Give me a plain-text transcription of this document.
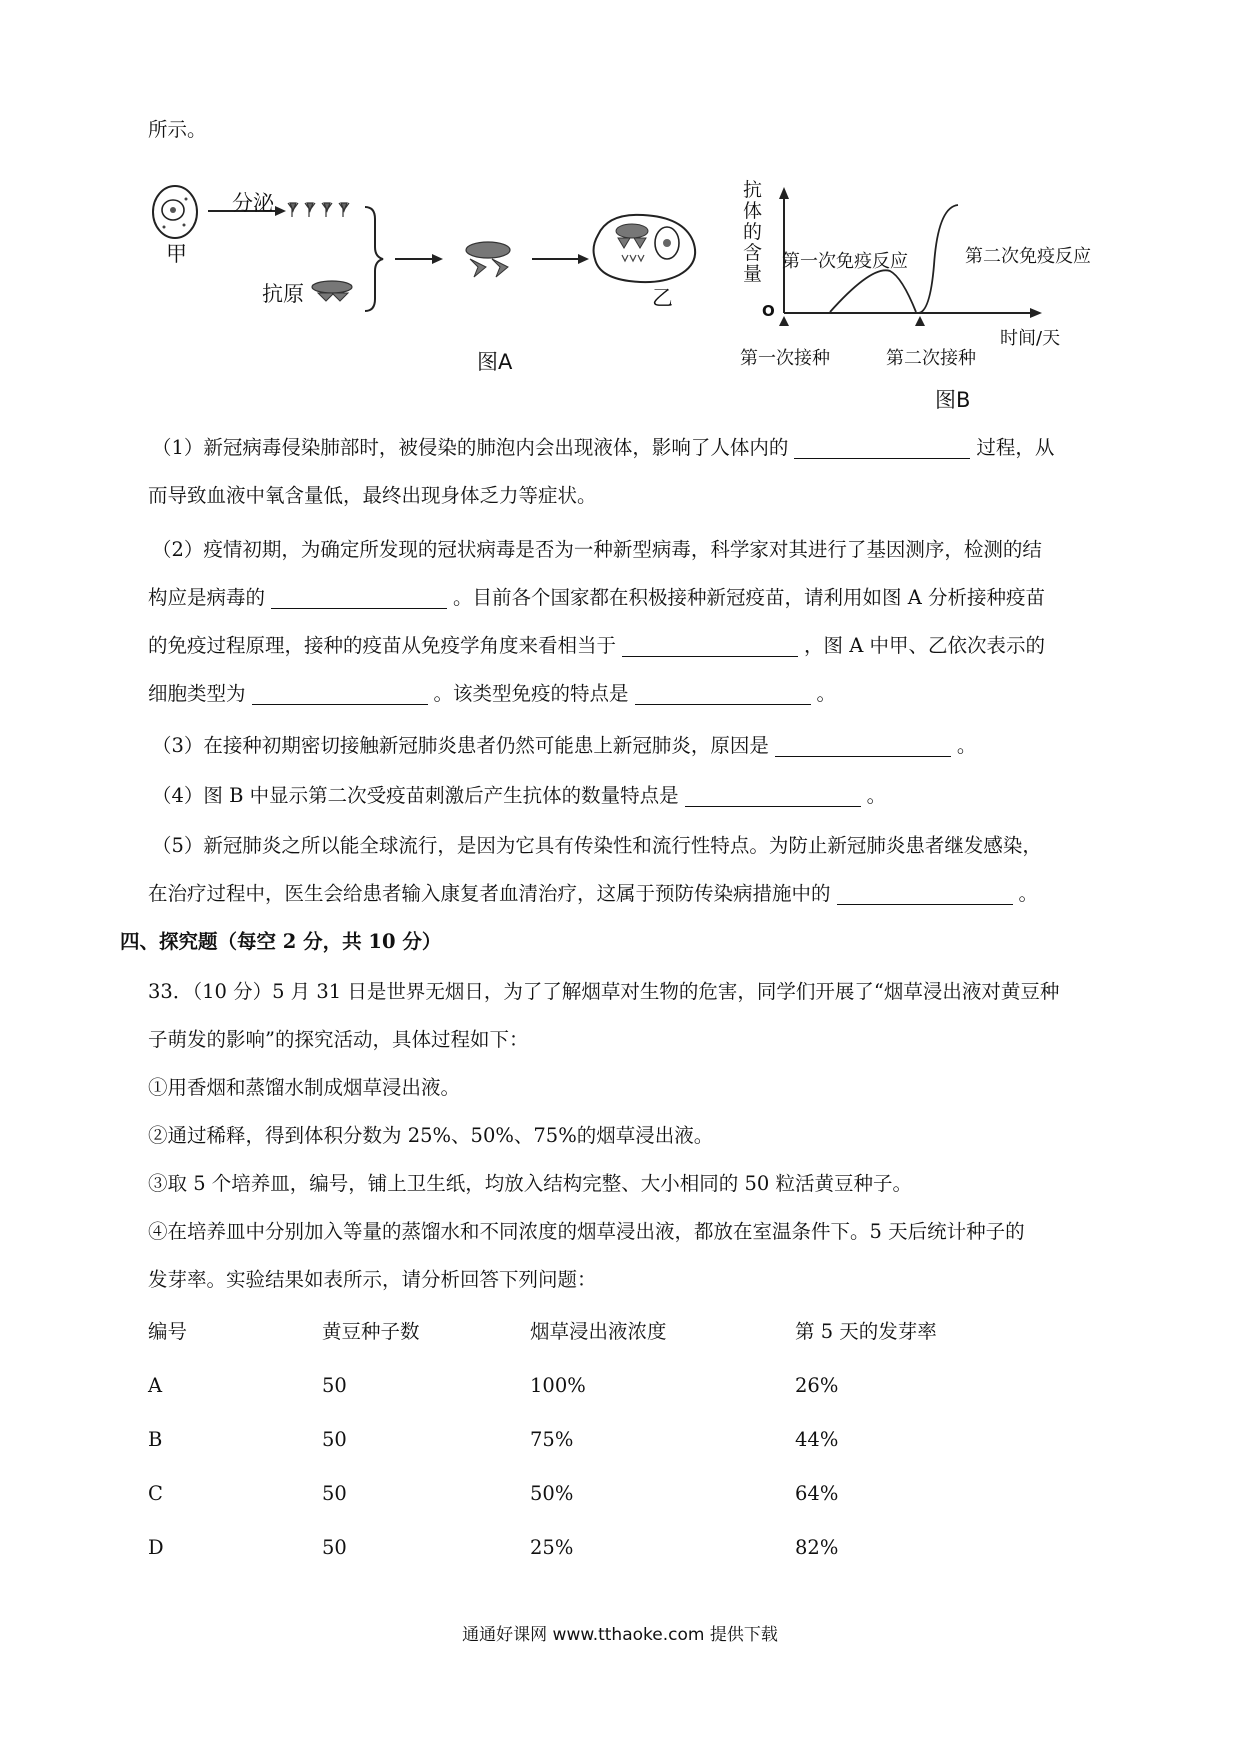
所示。
甲
分泌
抗原	乙
图A
抗
体
的
含
量
O
时间/天
第一次免疫反应	第二次免疫反应
第一次接种	第二次接种
图B
（1）新冠病毒侵染肺部时，被侵染的肺泡内会出现液体，影响了人体内的	过程，从
而导致血液中氧含量低，最终出现身体乏力等症状。
（2）疫情初期，为确定所发现的冠状病毒是否为一种新型病毒，科学家对其进行了基因测序，检测的结
构应是病毒的	。目前各个国家都在积极接种新冠疫苗，请利用如图 A 分析接种疫苗
的免疫过程原理，接种的疫苗从免疫学角度来看相当于	，图 A 中甲、乙依次表示的
细胞类型为	。该类型免疫的特点是	。
（3）在接种初期密切接触新冠肺炎患者仍然可能患上新冠肺炎，原因是	。
（4）图 B 中显示第二次受疫苗刺激后产生抗体的数量特点是	。
（5）新冠肺炎之所以能全球流行，是因为它具有传染性和流行性特点。为防止新冠肺炎患者继发感染，
在治疗过程中，医生会给患者输入康复者血清治疗，这属于预防传染病措施中的	。
四、探究题（每空 2 分，共 10 分）
33．（10 分）5 月 31 日是世界无烟日，为了了解烟草对生物的危害，同学们开展了“烟草浸出液对黄豆种
子萌发的影响”的探究活动，具体过程如下：
①用香烟和蒸馏水制成烟草浸出液。
②通过稀释，得到体积分数为 25%、50%、75%的烟草浸出液。
③取 5 个培养皿，编号，铺上卫生纸，均放入结构完整、大小相同的 50 粒活黄豆种子。
④在培养皿中分别加入等量的蒸馏水和不同浓度的烟草浸出液，都放在室温条件下。5 天后统计种子的
发芽率。实验结果如表所示，请分析回答下列问题：
编号	黄豆种子数	烟草浸出液浓度	第 5 天的发芽率
A	50	100%	26%
B	50	75%	44%
C	50	50%	64%
D	50	25%	82%
通通好课网 www.tthaoke.com 提供下载
